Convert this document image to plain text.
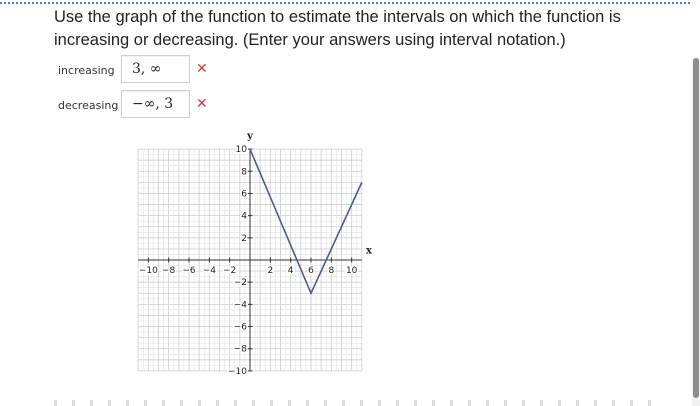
Use the graph of the function to estimate the intervals on which the function is increasing or decreasing. (Enter your answers using interval notation.)
increasing	3, ∞	✕
decreasing −∞, 3	✕
x
y
−10 −8 −6 −4 −2	2 4 6 8 10
10
8
6
4
2
−2
−4
−6
−8
−10
